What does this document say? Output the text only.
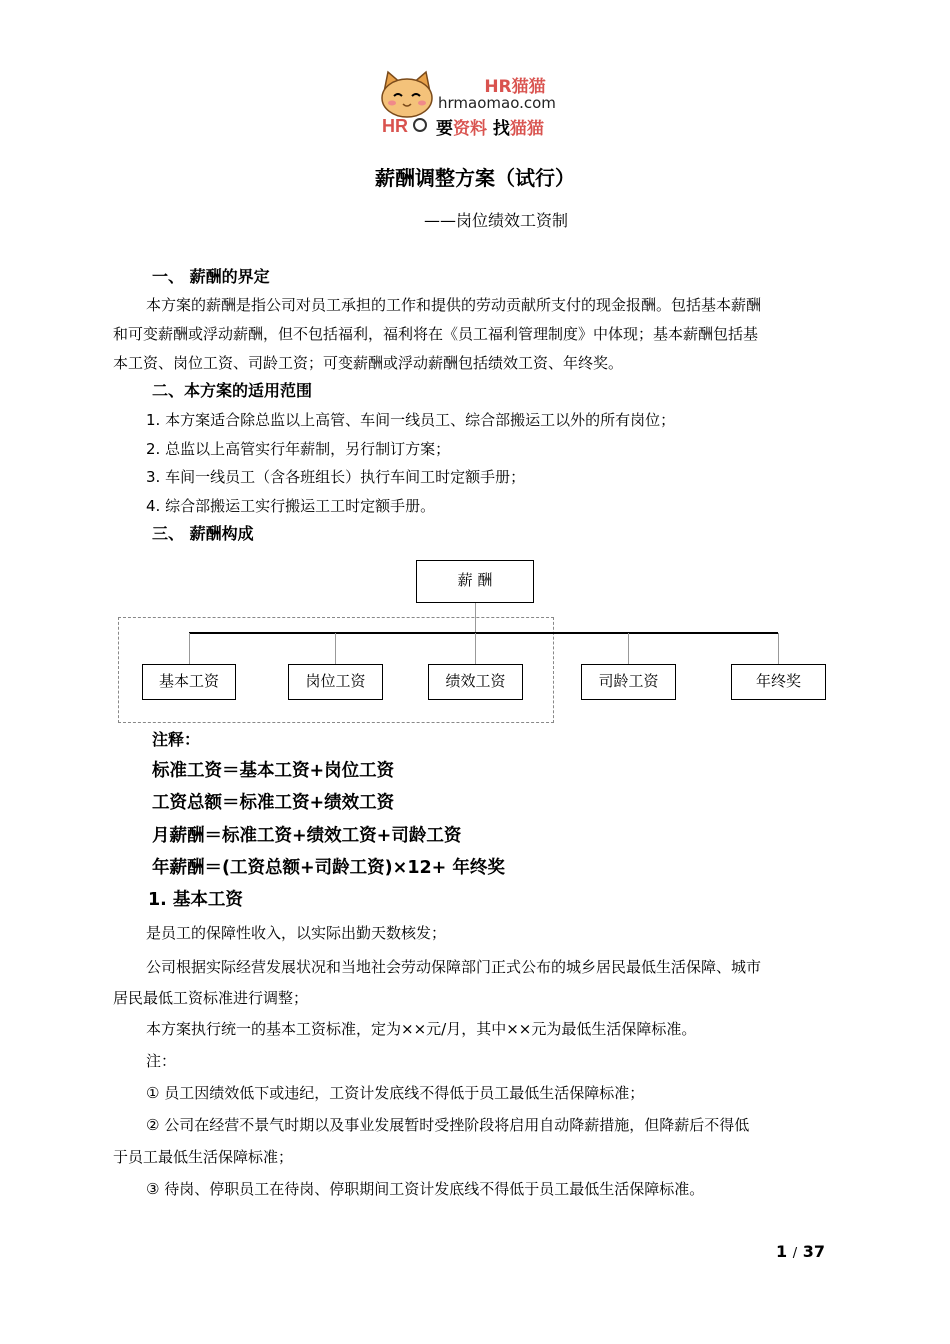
HR
HR猫猫
hrmaomao.com
要资料 找猫猫
薪酬调整方案（试行）
——岗位绩效工资制
一、 薪酬的界定
本方案的薪酬是指公司对员工承担的工作和提供的劳动贡献所支付的现金报酬。包括基本薪酬
和可变薪酬或浮动薪酬，但不包括福利，福利将在《员工福利管理制度》中体现；基本薪酬包括基
本工资、岗位工资、司龄工资；可变薪酬或浮动薪酬包括绩效工资、年终奖。
二、本方案的适用范围
1. 本方案适合除总监以上高管、车间一线员工、综合部搬运工以外的所有岗位；
2. 总监以上高管实行年薪制，另行制订方案；
3. 车间一线员工（含各班组长）执行车间工时定额手册；
4. 综合部搬运工实行搬运工工时定额手册。
三、 薪酬构成
薪 酬
基本工资	岗位工资	绩效工资	司龄工资	年终奖
注释：
标准工资＝基本工资+岗位工资
工资总额＝标准工资+绩效工资
月薪酬＝标准工资+绩效工资+司龄工资
年薪酬＝(工资总额+司龄工资)×12+ 年终奖
1. 基本工资
是员工的保障性收入，以实际出勤天数核发；
公司根据实际经营发展状况和当地社会劳动保障部门正式公布的城乡居民最低生活保障、城市
居民最低工资标准进行调整；
本方案执行统一的基本工资标准，定为××元/月，其中××元为最低生活保障标准。
注：
① 员工因绩效低下或违纪，工资计发底线不得低于员工最低生活保障标准；
② 公司在经营不景气时期以及事业发展暂时受挫阶段将启用自动降薪措施，但降薪后不得低
于员工最低生活保障标准；
③ 待岗、停职员工在待岗、停职期间工资计发底线不得低于员工最低生活保障标准。
1 / 37
